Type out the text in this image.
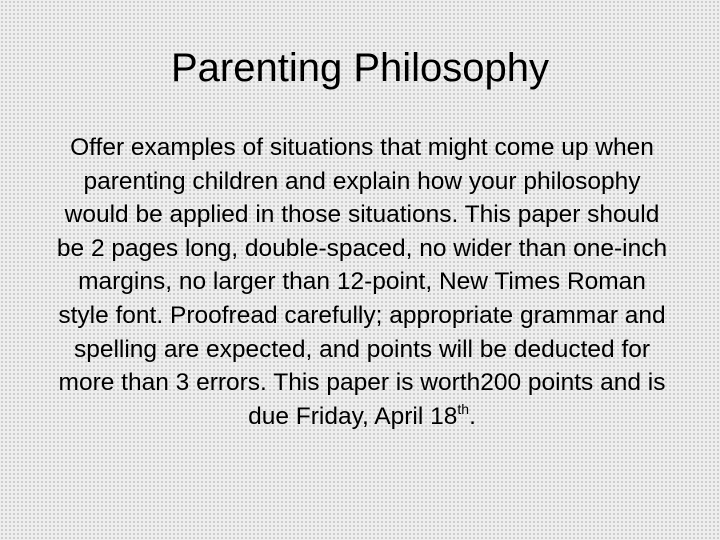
Parenting Philosophy

Offer examples of situations that might come up when parenting children and explain how your philosophy would be applied in those situations. This paper should be 2 pages long, double-spaced, no wider than one-inch margins, no larger than 12-point, New Times Roman style font. Proofread carefully; appropriate grammar and spelling are expected, and points will be deducted for more than 3 errors. This paper is worth200 points and is due Friday, April 18th.
